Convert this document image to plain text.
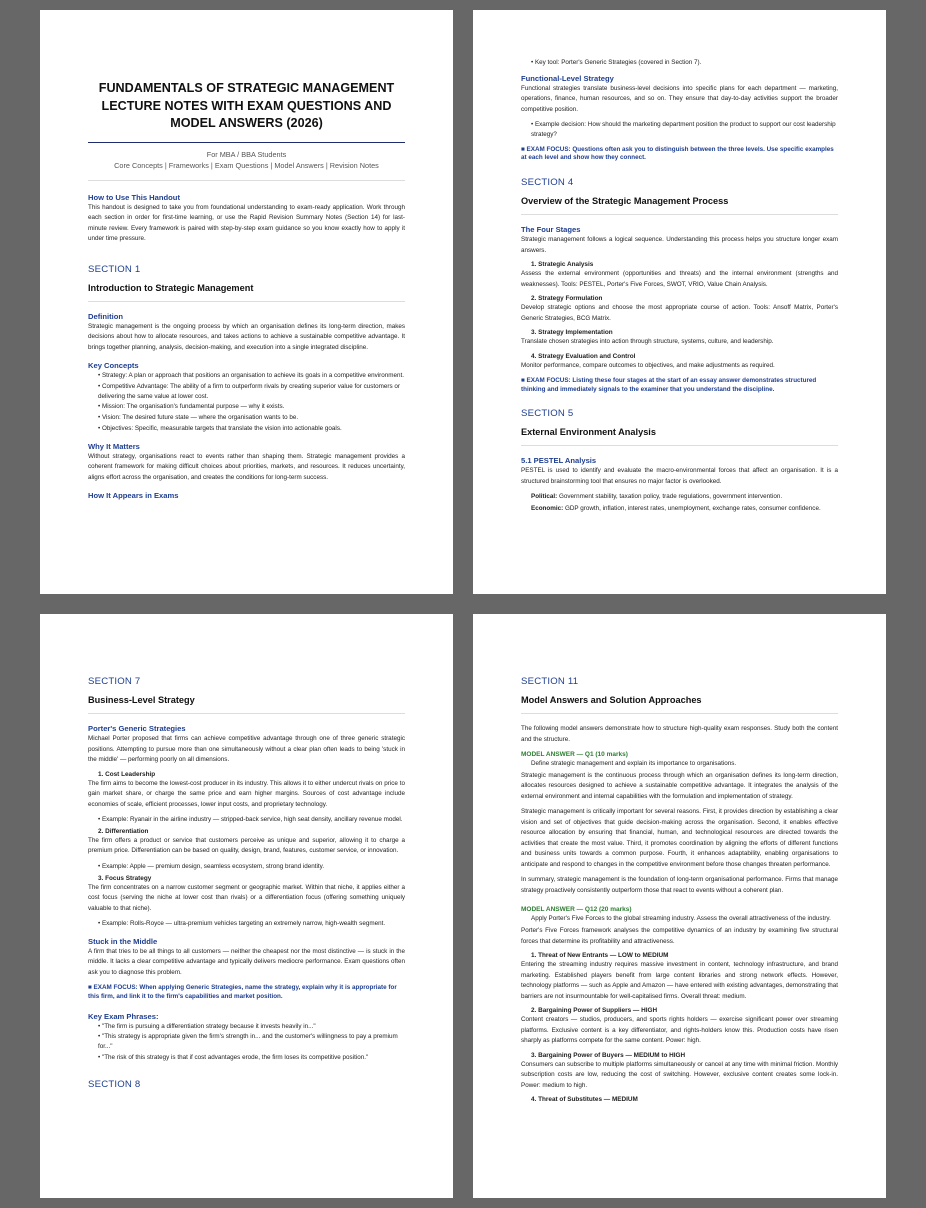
FUNDAMENTALS OF STRATEGIC MANAGEMENT

LECTURE NOTES WITH EXAM QUESTIONS AND

MODEL ANSWERS (2026)

For MBA / BBA Students
Core Concepts | Frameworks | Exam Questions | Model Answers | Revision Notes
How to Use This Handout

This handout is designed to take you from foundational understanding to exam-ready application. Work through each section in order for first-time learning, or use the Rapid Revision Summary Notes (Section 14) for last-minute review. Every framework is paired with step-by-step exam guidance so you know exactly how to apply it under time pressure.

SECTION 1
Introduction to Strategic Management
Definition

Strategic management is the ongoing process by which an organisation defines its long-term direction, makes decisions about how to allocate resources, and takes actions to achieve a sustainable competitive advantage. It brings together planning, analysis, decision-making, and execution into a single integrated discipline.

Key Concepts
• Strategy: A plan or approach that positions an organisation to achieve its goals in a competitive environment.
• Competitive Advantage: The ability of a firm to outperform rivals by creating superior value for customers or delivering the same value at lower cost.
• Mission: The organisation's fundamental purpose — why it exists.
• Vision: The desired future state — where the organisation wants to be.
• Objectives: Specific, measurable targets that translate the vision into actionable goals.
Why It Matters

Without strategy, organisations react to events rather than shaping them. Strategic management provides a coherent framework for making difficult choices about priorities, markets, and resources. It reduces uncertainty, aligns effort across the organisation, and creates the conditions for long-term success.

How It Appears in Exams
• Key tool: Porter's Generic Strategies (covered in Section 7).
Functional-Level Strategy

Functional strategies translate business-level decisions into specific plans for each department — marketing, operations, finance, human resources, and so on. They ensure that day-to-day activities support the broader competitive position.

• Example decision: How should the marketing department position the product to support our cost leadership strategy?
■ EXAM FOCUS: Questions often ask you to distinguish between the three levels. Use specific examples at each level and show how they connect.
SECTION 4
Overview of the Strategic Management Process
The Four Stages

Strategic management follows a logical sequence. Understanding this process helps you structure longer exam answers.

1. Strategic Analysis

Assess the external environment (opportunities and threats) and the internal environment (strengths and weaknesses). Tools: PESTEL, Porter's Five Forces, SWOT, VRIO, Value Chain Analysis.

2. Strategy Formulation

Develop strategic options and choose the most appropriate course of action. Tools: Ansoff Matrix, Porter's Generic Strategies, BCG Matrix.

3. Strategy Implementation

Translate chosen strategies into action through structure, systems, culture, and leadership.

4. Strategy Evaluation and Control

Monitor performance, compare outcomes to objectives, and make adjustments as required.

■ EXAM FOCUS: Listing these four stages at the start of an essay answer demonstrates structured thinking and immediately signals to the examiner that you understand the discipline.
SECTION 5
External Environment Analysis
5.1 PESTEL Analysis

PESTEL is used to identify and evaluate the macro-environmental forces that affect an organisation. It is a structured brainstorming tool that ensures no major factor is overlooked.

Political: Government stability, taxation policy, trade regulations, government intervention.
Economic: GDP growth, inflation, interest rates, unemployment, exchange rates, consumer confidence.
SECTION 7
Business-Level Strategy
Porter's Generic Strategies

Michael Porter proposed that firms can achieve competitive advantage through one of three generic strategic positions. Attempting to pursue more than one simultaneously without a clear plan often leads to being 'stuck in the middle' — performing poorly on all dimensions.

1. Cost Leadership

The firm aims to become the lowest-cost producer in its industry. This allows it to either undercut rivals on price to gain market share, or charge the same price and earn higher margins. Sources of cost advantage include economies of scale, efficient processes, lower input costs, and proprietary technology.

• Example: Ryanair in the airline industry — stripped-back service, high seat density, ancillary revenue model.
2. Differentiation

The firm offers a product or service that customers perceive as unique and superior, allowing it to charge a premium price. Differentiation can be based on quality, design, brand, features, customer service, or innovation.

• Example: Apple — premium design, seamless ecosystem, strong brand identity.
3. Focus Strategy

The firm concentrates on a narrow customer segment or geographic market. Within that niche, it applies either a cost focus (serving the niche at lower cost than rivals) or a differentiation focus (offering something uniquely valuable to that niche).

• Example: Rolls-Royce — ultra-premium vehicles targeting an extremely narrow, high-wealth segment.
Stuck in the Middle

A firm that tries to be all things to all customers — neither the cheapest nor the most distinctive — is stuck in the middle. It lacks a clear competitive advantage and typically delivers mediocre performance. Exam questions often ask you to diagnose this problem.

■ EXAM FOCUS: When applying Generic Strategies, name the strategy, explain why it is appropriate for this firm, and link it to the firm's capabilities and market position.
Key Exam Phrases:
• "The firm is pursuing a differentiation strategy because it invests heavily in..."
• "This strategy is appropriate given the firm's strength in... and the customer's willingness to pay a premium for..."
• "The risk of this strategy is that if cost advantages erode, the firm loses its competitive position."
SECTION 8
SECTION 11
Model Answers and Solution Approaches

The following model answers demonstrate how to structure high-quality exam responses. Study both the content and the structure.

MODEL ANSWER — Q1 (10 marks)
Define strategic management and explain its importance to organisations.

Strategic management is the continuous process through which an organisation defines its long-term direction, allocates resources designed to achieve a sustainable competitive advantage. It integrates the analysis of the external environment and internal capabilities with the formulation and implementation of strategy.

Strategic management is critically important for several reasons. First, it provides direction by establishing a clear vision and set of objectives that guide decision-making across the organisation. Second, it enables effective resource allocation by ensuring that financial, human, and technological resources are directed towards the activities that create the most value. Third, it promotes coordination by aligning the efforts of different functions and business units towards a common purpose. Fourth, it enhances adaptability, enabling organisations to anticipate and respond to changes in the competitive environment before those changes threaten performance.

In summary, strategic management is the foundation of long-term organisational performance. Firms that manage strategy proactively consistently outperform those that react to events without a coherent plan.

MODEL ANSWER — Q12 (20 marks)
Apply Porter's Five Forces to the global streaming industry. Assess the overall attractiveness of the industry.

Porter's Five Forces framework analyses the competitive dynamics of an industry by examining five structural forces that determine its profitability and attractiveness.

1. Threat of New Entrants — LOW to MEDIUM

Entering the streaming industry requires massive investment in content, technology infrastructure, and brand marketing. Established players benefit from large content libraries and strong network effects. However, technology platforms — such as Apple and Amazon — have entered with existing advantages, demonstrating that barriers are not insurmountable for well-capitalised firms. Overall threat: medium.

2. Bargaining Power of Suppliers — HIGH

Content creators — studios, producers, and sports rights holders — exercise significant power over streaming platforms. Exclusive content is a key differentiator, and rights-holders know this. Production costs have risen sharply as platforms compete for the same content. Power: high.

3. Bargaining Power of Buyers — MEDIUM to HIGH

Consumers can subscribe to multiple platforms simultaneously or cancel at any time with minimal friction. Monthly subscription costs are low, reducing the cost of switching. However, exclusive content creates some lock-in. Power: medium to high.

4. Threat of Substitutes — MEDIUM
